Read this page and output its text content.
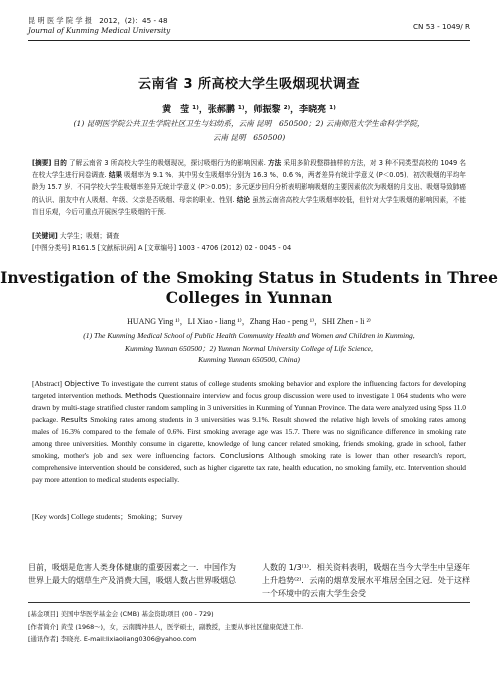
昆 明 医 学 院 学 报　2012，(2)：45 - 48
Journal of Kunming Medical University	CN 53 - 1049/ R
云南省 3 所高校大学生吸烟现状调查
黄　莹 ¹⁾，张郝鹏 ¹⁾，师振黎 ²⁾，李晓亮 ¹⁾
(1) 昆明医学院公共卫生学院社区卫生与妇幼系，云南 昆明　650500；2) 云南师范大学生命科学学院，
云南 昆明　650500)
[摘要] 目的 了解云南省 3 所高校大学生的吸烟现况，探讨吸烟行为的影响因素. 方法 采用多阶段整群抽样的方法，对 3 种不同类型高校的 1049 名在校大学生进行问卷调查. 结果 吸烟率为 9.1 %．其中男女生吸烟率分别为 16.3 %、0.6 %，两者差异有统计学意义 (P＜0.05)．初次吸烟的平均年龄为 15.7 岁．不同学校大学生吸烟率差异无统计学意义 (P＞0.05)；多元逐步回归分析表明影响吸烟的主要因素依次为吸烟的月支出、吸烟导致肺癌的认识、朋友中有人吸烟、年级、父亲是否吸烟、母亲的职业、性别. 结论 虽然云南省高校大学生吸烟率较低，但针对大学生吸烟的影响因素，不能盲目乐观，今后可重点开展医学生吸烟的干预.
[关键词] 大学生；吸烟；调查
[中图分类号] R161.5 [文献标识码] A [文章编号] 1003 - 4706 (2012) 02 - 0045 - 04
Investigation of the Smoking Status in Students in Three
Colleges in Yunnan
HUANG Ying ¹⁾，LI Xiao - liang ¹⁾，Zhang Hao - peng ¹⁾，SHI Zhen - li ²⁾
(1) The Kunming Medical School of Public Health Community Health and Women and Children in Kunming,
Kunming Yunnan 650500；2) Yunnan Normal University College of Life Science,
Kunming Yunnan 650500, China)
[Abstract] Objective To investigate the current status of college students smoking behavior and explore the influencing factors for developing targeted intervention methods. Methods Questionnaire interview and focus group discussion were used to investigate 1 064 students who were drawn by multi-stage stratified cluster random sampling in 3 universities in Kunming of Yunnan Province. The data were analyzed using Spss 11.0 package. Results Smoking rates among students in 3 universities was 9.1%. Result showed the relative high levels of smoking rates among males of 16.3% compared to the female of 0.6%. First smoking average age was 15.7. There was no significance difference in smoking rate among three universities. Monthly consume in cigarette, knowledge of lung cancer related smoking, friends smoking, grade in school, father smoking, mother's job and sex were influencing factors. Conclusions Although smoking rate is lower than other research's report, comprehensive intervention should be considered, such as higher cigarette tax rate, health education, no smoking family, etc. Intervention should pay more attention to medical students especially.
[Key words] College students；Smoking；Survey
目前，吸烟是危害人类身体健康的重要因素之一．中国作为世界上最大的烟草生产及消费大国，吸烟人数占世界吸烟总
人数的 1/3⁽¹⁾．相关资料表明，吸烟在当今大学生中呈逐年上升趋势⁽²⁾．云南的烟草发展水平堆居全国之冠．处于这样一个环境中的云南大学生会受
[基金项目] 美国中华医学基金会 (CMB) 基金资助项目 (00 - 729)
[作者简介] 黄莹 (1968～)，女，云南腾冲县人，医学硕士，副教授，主要从事社区健康促进工作.
[通讯作者] 李晓亮. E-mail:lixiaoliang0306@yahoo.com
